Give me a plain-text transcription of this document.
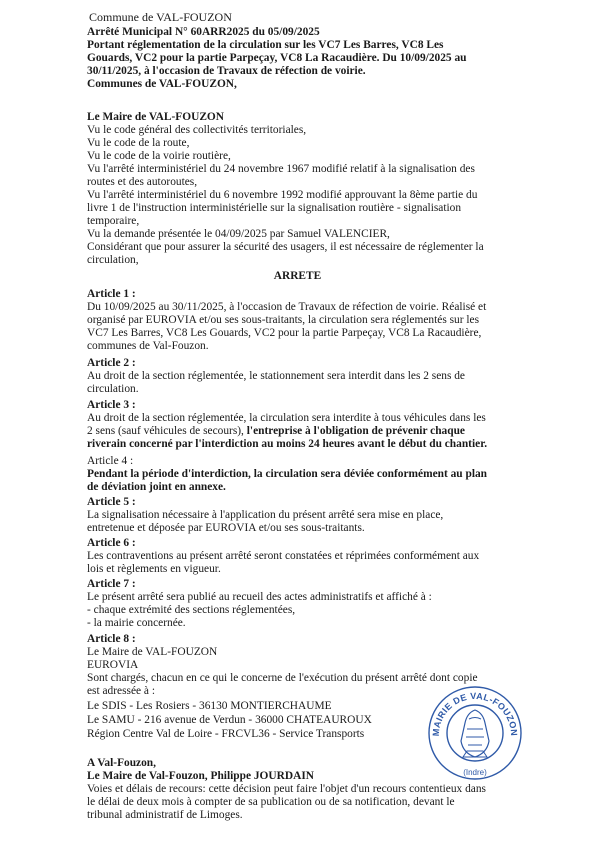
Commune de VAL-FOUZON
Arrêté Municipal N° 60ARR2025 du 05/09/2025
Portant réglementation de la circulation sur les VC7 Les Barres, VC8 Les
Gouards, VC2 pour la partie Parpeçay, VC8 La Racaudière. Du 10/09/2025 au
30/11/2025, à l'occasion de Travaux de réfection de voirie.
Communes de VAL-FOUZON,
Le Maire de VAL-FOUZON
Vu le code général des collectivités territoriales,
Vu le code de la route,
Vu le code de la voirie routière,
Vu l'arrêté interministériel du 24 novembre 1967 modifié relatif à la signalisation des
routes et des autoroutes,
Vu l'arrêté interministériel du 6 novembre 1992 modifié approuvant la 8ème partie du
livre 1 de l'instruction interministérielle sur la signalisation routière - signalisation
temporaire,
Vu la demande présentée le 04/09/2025 par Samuel VALENCIER,
Considérant que pour assurer la sécurité des usagers, il est nécessaire de réglementer la
circulation,
ARRETE
Article 1 :
Du 10/09/2025 au 30/11/2025, à l'occasion de Travaux de réfection de voirie. Réalisé et
organisé par EUROVIA et/ou ses sous-traitants, la circulation sera réglementés sur les
VC7 Les Barres, VC8 Les Gouards, VC2 pour la partie Parpeçay, VC8 La Racaudière,
communes de Val-Fouzon.
Article 2 :
Au droit de la section réglementée, le stationnement sera interdit dans les 2 sens de
circulation.
Article 3 :
Au droit de la section réglementée, la circulation sera interdite à tous véhicules dans les
2 sens (sauf véhicules de secours), l'entreprise à l'obligation de prévenir chaque
riverain concerné par l'interdiction au moins 24 heures avant le début du chantier.
Article 4 :
Pendant la période d'interdiction, la circulation sera déviée conformément au plan
de déviation joint en annexe.
Article 5 :
La signalisation nécessaire à l'application du présent arrêté sera mise en place,
entretenue et déposée par EUROVIA et/ou ses sous-traitants.
Article 6 :
Les contraventions au présent arrêté seront constatées et réprimées conformément aux
lois et règlements en vigueur.
Article 7 :
Le présent arrêté sera publié au recueil des actes administratifs et affiché à :
- chaque extrémité des sections réglementées,
- la mairie concernée.
Article 8 :
Le Maire de VAL-FOUZON
EUROVIA
Sont chargés, chacun en ce qui le concerne de l'exécution du présent arrêté dont copie
est adressée à :
Le SDIS - Les Rosiers - 36130 MONTIERCHAUME
Le SAMU - 216 avenue de Verdun - 36000 CHATEAUROUX
Région Centre Val de Loire - FRCVL36 - Service Transports
A Val-Fouzon,
Le Maire de Val-Fouzon, Philippe JOURDAIN
Voies et délais de recours: cette décision peut faire l'objet d'un recours contentieux dans
le délai de deux mois à compter de sa publication ou de sa notification, devant le
tribunal administratif de Limoges.
MAIRIE DE VAL-FOUZON
(Indre)
